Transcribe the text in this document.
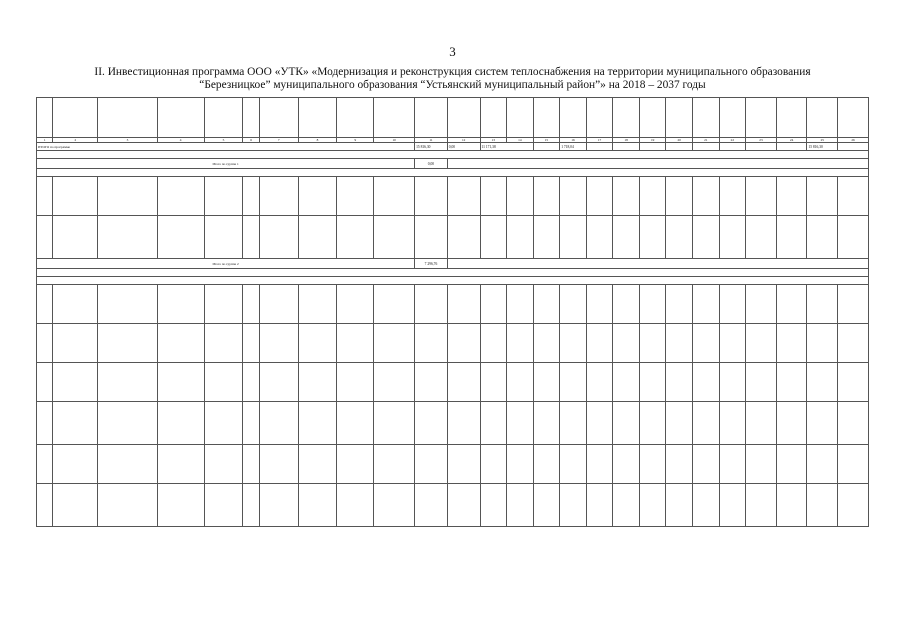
3
II. Инвестиционная программа ООО «УТК» «Модернизация и реконструкция систем теплоснабжения на территории муниципального образования
“Березницкое” муниципального образования “Устьянский муниципальный район”» на 2018 – 2037 годы

1	2	3	4	5	6	7	8	9	10	11	12	13	14	15	16	17	18	19	20	21	22	23	24	25	26
ИТОГО по программе										15 816,30	0,00	11 171,38			1 718,04									15 816,30	

Итого по группе 1										0,00															

Итого по группе 2										7 296,76															
